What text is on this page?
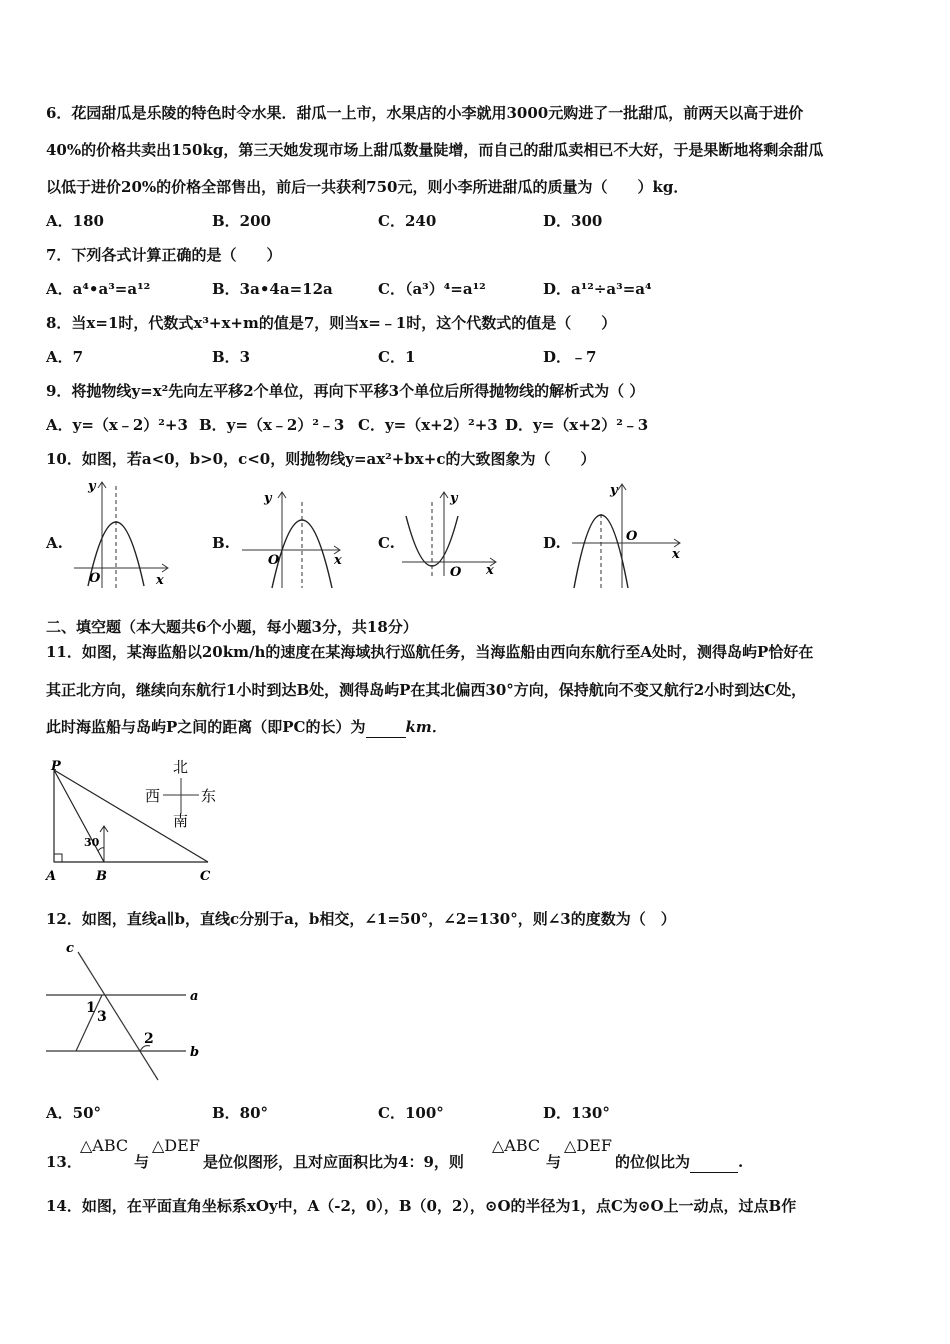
6．花园甜瓜是乐陵的特色时令水果．甜瓜一上市，水果店的小李就用3000元购进了一批甜瓜，前两天以高于进价
40%的价格共卖出150kg，第三天她发现市场上甜瓜数量陡增，而自己的甜瓜卖相已不大好，于是果断地将剩余甜瓜
以低于进价20%的价格全部售出，前后一共获利750元，则小李所进甜瓜的质量为（　　）kg．
A．180	B．200	C．240	D．300
7．下列各式计算正确的是（　　）
A．a⁴•a³=a¹²	B．3a•4a=12a	C．（a³）⁴=a¹²	D．a¹²÷a³=a⁴
8．当x=1时，代数式x³+x+m的值是7，则当x=﹣1时，这个代数式的值是（　　）
A．7	B．3	C．1	D．﹣7
9．将抛物线y=x²先向左平移2个单位，再向下平移3个单位后所得抛物线的解析式为（ ）
A．y=（x﹣2）²+3 B．y=（x﹣2）²﹣3 C．y=（x+2）²+3 D．y=（x+2）²﹣3
10．如图，若a<0，b>0，c<0，则抛物线y=ax²+bx+c的大致图象为（　　）
A.
y
x
O
B.
y
x
O
C.
y
x
O
D.
y
x
O
二、填空题（本大题共6个小题，每小题3分，共18分）
11．如图，某海监船以20km/h的速度在某海域执行巡航任务，当海监船由西向东航行至A处时，测得岛屿P恰好在
其正北方向，继续向东航行1小时到达B处，测得岛屿P在其北偏西30°方向，保持航向不变又航行2小时到达C处，
此时海监船与岛屿P之间的距离（即PC的长）为	km．
P
A	B	C
30
北
南
西	东
12．如图，直线a∥b，直线c分别于a，b相交，∠1=50°，∠2=130°，则∠3的度数为（　）
c
a
b
1
3
2
A．50°	B．80°	C．100°	D．130°
13．
△ABC
与
△DEF
是位似图形，且对应面积比为4：9，则
△ABC
与
△DEF
的位似比为	.
14．如图，在平面直角坐标系xOy中，A（-2，0），B（0，2），⊙O的半径为1，点C为⊙O上一动点，过点B作
